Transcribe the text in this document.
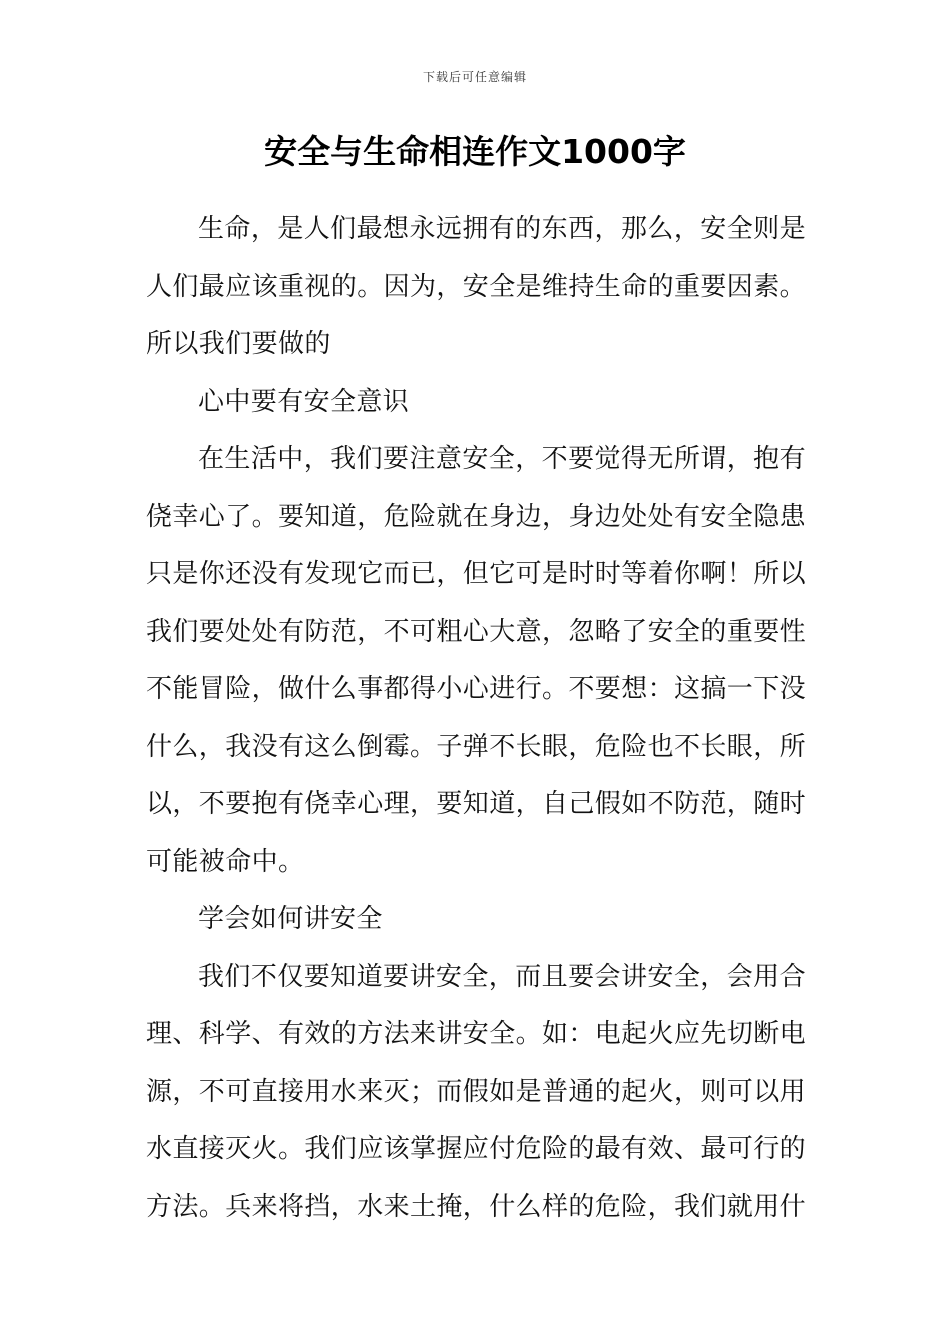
下载后可任意编辑
安全与生命相连作文1000字

生命，是人们最想永远拥有的东西，那么，安全则是人们最应该重视的。因为，安全是维持生命的重要因素。所以我们要做的

心中要有安全意识

在生活中，我们要注意安全，不要觉得无所谓，抱有侥幸心了。要知道，危险就在身边，身边处处有安全隐患只是你还没有发现它而已，但它可是时时等着你啊！所以我们要处处有防范，不可粗心大意，忽略了安全的重要性不能冒险，做什么事都得小心进行。不要想：这搞一下没什么，我没有这么倒霉。子弹不长眼，危险也不长眼，所以，不要抱有侥幸心理，要知道，自己假如不防范，随时可能被命中。

学会如何讲安全

我们不仅要知道要讲安全，而且要会讲安全，会用合理、科学、有效的方法来讲安全。如：电起火应先切断电源，不可直接用水来灭；而假如是普通的起火，则可以用水直接灭火。我们应该掌握应付危险的最有效、最可行的方法。兵来将挡，水来土掩，什么样的危险，我们就用什
